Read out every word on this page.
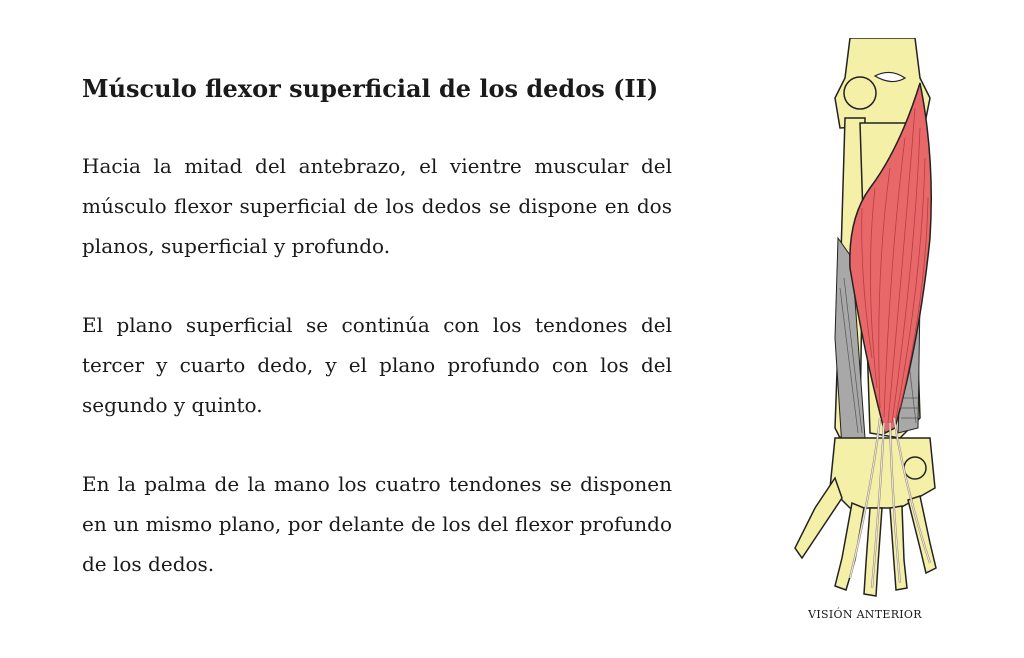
Músculo flexor superficial de los dedos (II)

Hacia la mitad del antebrazo, el vientre muscular del músculo flexor superficial de los dedos se dispone en dos planos, superficial y profundo.

El plano superficial se continúa con los tendones del tercer y cuarto dedo, y el plano profundo con los del segundo y quinto.

En la palma de la mano los cuatro tendones se disponen en un mismo plano, por delante de los del flexor profundo de los dedos.

VISIÓN ANTERIOR
